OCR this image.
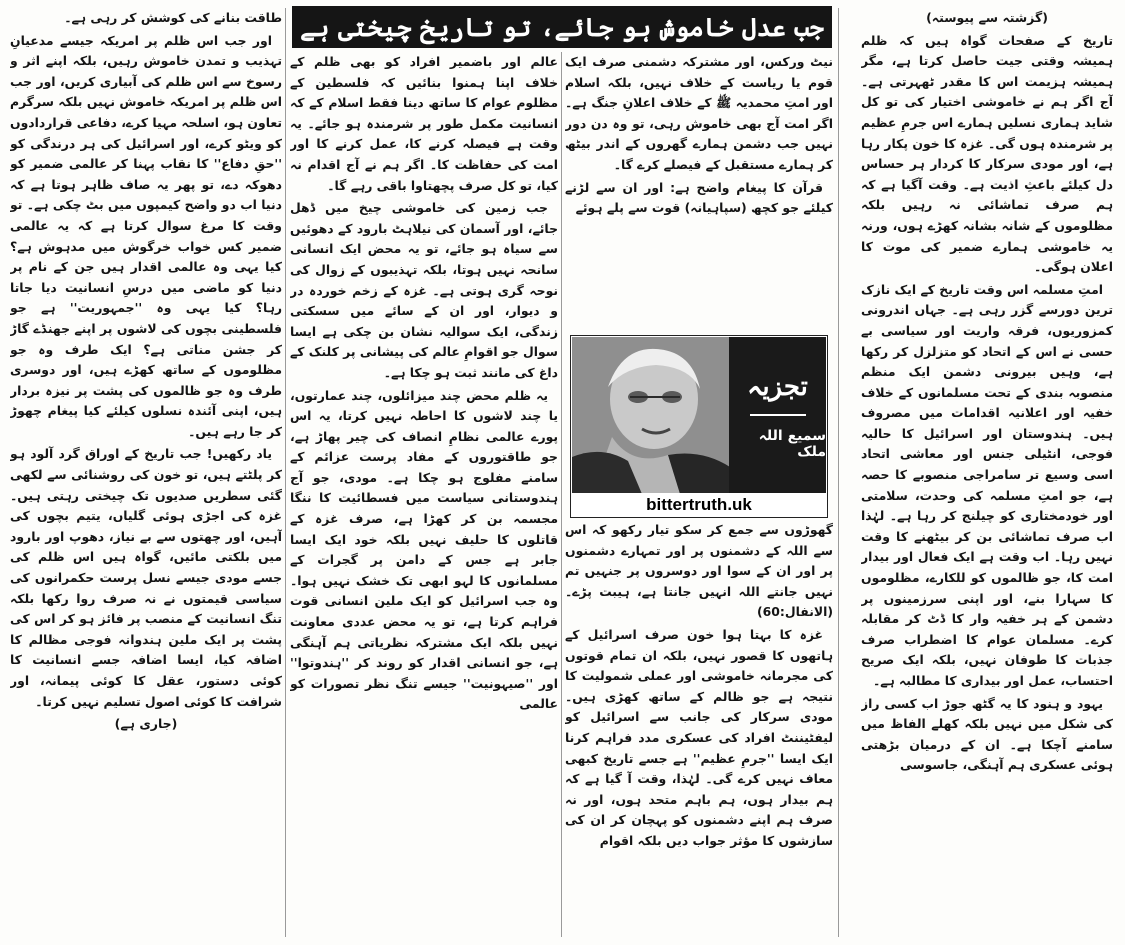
(گزشتہ سے پیوستہ)

تاریخ کے صفحات گواہ ہیں کہ ظلم ہمیشہ وقتی جیت حاصل کرتا ہے، مگر ہمیشہ ہزیمت اس کا مقدر ٹھہرتی ہے۔ آج اگر ہم نے خاموشی اختیار کی تو کل شاید ہماری نسلیں ہمارے اس جرمِ عظیم پر شرمندہ ہوں گی۔ غزہ کا خون پکار رہا ہے، اور مودی سرکار کا کردار ہر حساس دل کیلئے باعثِ اذیت ہے۔ وقت آگیا ہے کہ ہم صرف تماشائی نہ رہیں بلکہ مظلوموں کے شانہ بشانہ کھڑے ہوں، ورنہ یہ خاموشی ہمارے ضمیر کی موت کا اعلان ہوگی۔

امتِ مسلمہ اس وقت تاریخ کے ایک نازک ترین دورسے گزر رہی ہے۔ جہاں اندرونی کمزوریوں، فرقہ واریت اور سیاسی بے حسی نے اس کے اتحاد کو متزلزل کر رکھا ہے، وہیں بیرونی دشمن ایک منظم منصوبہ بندی کے تحت مسلمانوں کے خلاف خفیہ اور اعلانیہ اقدامات میں مصروف ہیں۔ ہندوستان اور اسرائیل کا حالیہ فوجی، انٹیلی جنس اور معاشی اتحاد اسی وسیع تر سامراجی منصوبے کا حصہ ہے، جو امتِ مسلمہ کی وحدت، سلامتی اور خودمختاری کو چیلنج کر رہا ہے۔ لہٰذا اب صرف تماشائی بن کر بیٹھنے کا وقت نہیں رہا۔ اب وقت ہے ایک فعال اور بیدار امت کا، جو ظالموں کو للکارے، مظلوموں کا سہارا بنے، اور اپنی سرزمینوں پر دشمن کے ہر خفیہ وار کا ڈٹ کر مقابلہ کرے۔ مسلمان عوام کا اضطراب صرف جذبات کا طوفان نہیں، بلکہ ایک صریح احتساب، عمل اور بیداری کا مطالبہ ہے۔

یہود و ہنود کا یہ گٹھ جوڑ اب کسی راز کی شکل میں نہیں بلکہ کھلے الفاظ میں سامنے آچکا ہے۔ ان کے درمیان بڑھتی ہوئی عسکری ہم آہنگی، جاسوسی

جب عدل خاموش ہو جائے، تو تاریخ چیختی ہے

نیٹ ورکس، اور مشترکہ دشمنی صرف ایک قوم یا ریاست کے خلاف نہیں، بلکہ اسلام اور امتِ محمدیہ ﷺ کے خلاف اعلانِ جنگ ہے۔ اگر امت آج بھی خاموش رہی، تو وہ دن دور نہیں جب دشمن ہمارے گھروں کے اندر بیٹھ کر ہمارے مستقبل کے فیصلے کرے گا۔

قرآن کا پیغام واضح ہے: اور ان سے لڑنے کیلئے جو کچھ (سپاہیانہ) قوت سے پلے ہوئے

گھوڑوں سے جمع کر سکو تیار رکھو کہ اس سے اللہ کے دشمنوں پر اور تمہارے دشمنوں پر اور ان کے سوا اور دوسروں پر جنہیں تم نہیں جانتے اللہ انہیں جانتا ہے، ہیبت پڑے۔ (الانفال:60)

غزہ کا بہتا ہوا خون صرف اسرائیل کے ہاتھوں کا قصور نہیں، بلکہ ان تمام قوتوں کی مجرمانہ خاموشی اور عملی شمولیت کا نتیجہ ہے جو ظالم کے ساتھ کھڑی ہیں۔ مودی سرکار کی جانب سے اسرائیل کو لیفٹیننٹ افراد کی عسکری مدد فراہم کرنا ایک ایسا ''جرمِ عظیم'' ہے جسے تاریخ کبھی معاف نہیں کرے گی۔ لہٰذا، وقت آ گیا ہے کہ ہم بیدار ہوں، ہم باہم متحد ہوں، اور نہ صرف ہم اپنے دشمنوں کو پہچان کر ان کی سازشوں کا مؤثر جواب دیں بلکہ اقوام

تجزیہ
سمیع اللہ ملک
bittertruth.uk

عالم اور باضمیر افراد کو بھی ظلم کے خلاف اپنا ہمنوا بنائیں کہ فلسطین کے مظلوم عوام کا ساتھ دینا فقط اسلام کے کہ انسانیت مکمل طور پر شرمندہ ہو جائے۔ یہ وقت ہے فیصلہ کرنے کا، عمل کرنے کا اور امت کی حفاظت کا۔ اگر ہم نے آج اقدام نہ کیا، تو کل صرف پچھتاوا باقی رہے گا۔

جب زمین کی خاموشی چیخ میں ڈھل جائے، اور آسمان کی نیلاہٹ بارود کے دھوئیں سے سیاہ ہو جائے، تو یہ محض ایک انسانی سانحہ نہیں ہوتا، بلکہ تہذیبوں کے زوال کی نوحہ گری ہوتی ہے۔ غزہ کے زخم خوردہ در و دیوار، اور ان کے سائے میں سسکتی زندگی، ایک سوالیہ نشان بن چکی ہے ایسا سوال جو اقوامِ عالم کی پیشانی پر کلنک کے داغ کی مانند ثبت ہو چکا ہے۔

یہ ظلم محض چند میزائلوں، چند عمارتوں، یا چند لاشوں کا احاطہ نہیں کرتا، یہ اس پورے عالمی نظامِ انصاف کی چیر پھاڑ ہے، جو طاقتوروں کے مفاد پرست عزائم کے سامنے مفلوج ہو چکا ہے۔ مودی، جو آج ہندوستانی سیاست میں فسطائیت کا ننگا مجسمہ بن کر کھڑا ہے، صرف غزہ کے قاتلوں کا حلیف نہیں بلکہ خود ایک ایسا جابر ہے جس کے دامن پر گجرات کے مسلمانوں کا لہو ابھی تک خشک نہیں ہوا۔ وہ جب اسرائیل کو ایک ملین انسانی قوت فراہم کرتا ہے، تو یہ محض عددی معاونت نہیں بلکہ ایک مشترکہ نظریاتی ہم آہنگی ہے، جو انسانی اقدار کو روند کر ''ہندوتوا'' اور ''صیہونیت'' جیسے تنگ نظر تصورات کو عالمی

طاقت بنانے کی کوشش کر رہی ہے۔

اور جب اس ظلم پر امریکہ جیسے مدعیانِ تہذیب و تمدن خاموش رہیں، بلکہ اپنے اثر و رسوخ سے اس ظلم کی آبیاری کریں، اور جب اس ظلم پر امریکہ خاموش نہیں بلکہ سرگرم تعاون ہو، اسلحہ مہیا کرے، دفاعی قراردادوں کو ویٹو کرے، اور اسرائیل کی ہر درندگی کو ''حقِ دفاع'' کا نقاب پہنا کر عالمی ضمیر کو دھوکہ دے، تو پھر یہ صاف ظاہر ہوتا ہے کہ دنیا اب دو واضح کیمپوں میں بٹ چکی ہے۔ تو وقت کا مرغ سوال کرتا ہے کہ یہ عالمی ضمیر کس خواب خرگوش میں مدہوش ہے؟ کیا یہی وہ عالمی اقدار ہیں جن کے نام پر دنیا کو ماضی میں درسِ انسانیت دیا جاتا رہا؟ کیا یہی وہ ''جمہوریت'' ہے جو فلسطینی بچوں کی لاشوں پر اپنے جھنڈے گاڑ کر جشن مناتی ہے؟ ایک طرف وہ جو مظلوموں کے ساتھ کھڑے ہیں، اور دوسری طرف وہ جو ظالموں کی پشت پر نیزہ بردار ہیں، اپنی آئندہ نسلوں کیلئے کیا پیغام چھوڑ کر جا رہے ہیں۔

یاد رکھیں! جب تاریخ کے اوراق گرد آلود ہو کر پلٹتے ہیں، تو خون کی روشنائی سے لکھی گئی سطریں صدیوں تک چیختی رہتی ہیں۔ غزہ کی اجڑی ہوئی گلیاں، یتیم بچوں کی آہیں، اور چھتوں سے بے نیاز، دھوپ اور بارود میں بلکتی مائیں، گواہ ہیں اس ظلم کی جسے مودی جیسے نسل پرست حکمرانوں کی سیاسی قیمتوں نے نہ صرف روا رکھا بلکہ تنگ انسانیت کے منصب پر فائز ہو کر اس کی پشت پر ایک ملین ہندوانہ فوجی مظالم کا اضافہ کیا، ایسا اضافہ جسے انسانیت کا کوئی دستور، عقل کا کوئی پیمانہ، اور شرافت کا کوئی اصول تسلیم نہیں کرتا۔

(جاری ہے)
